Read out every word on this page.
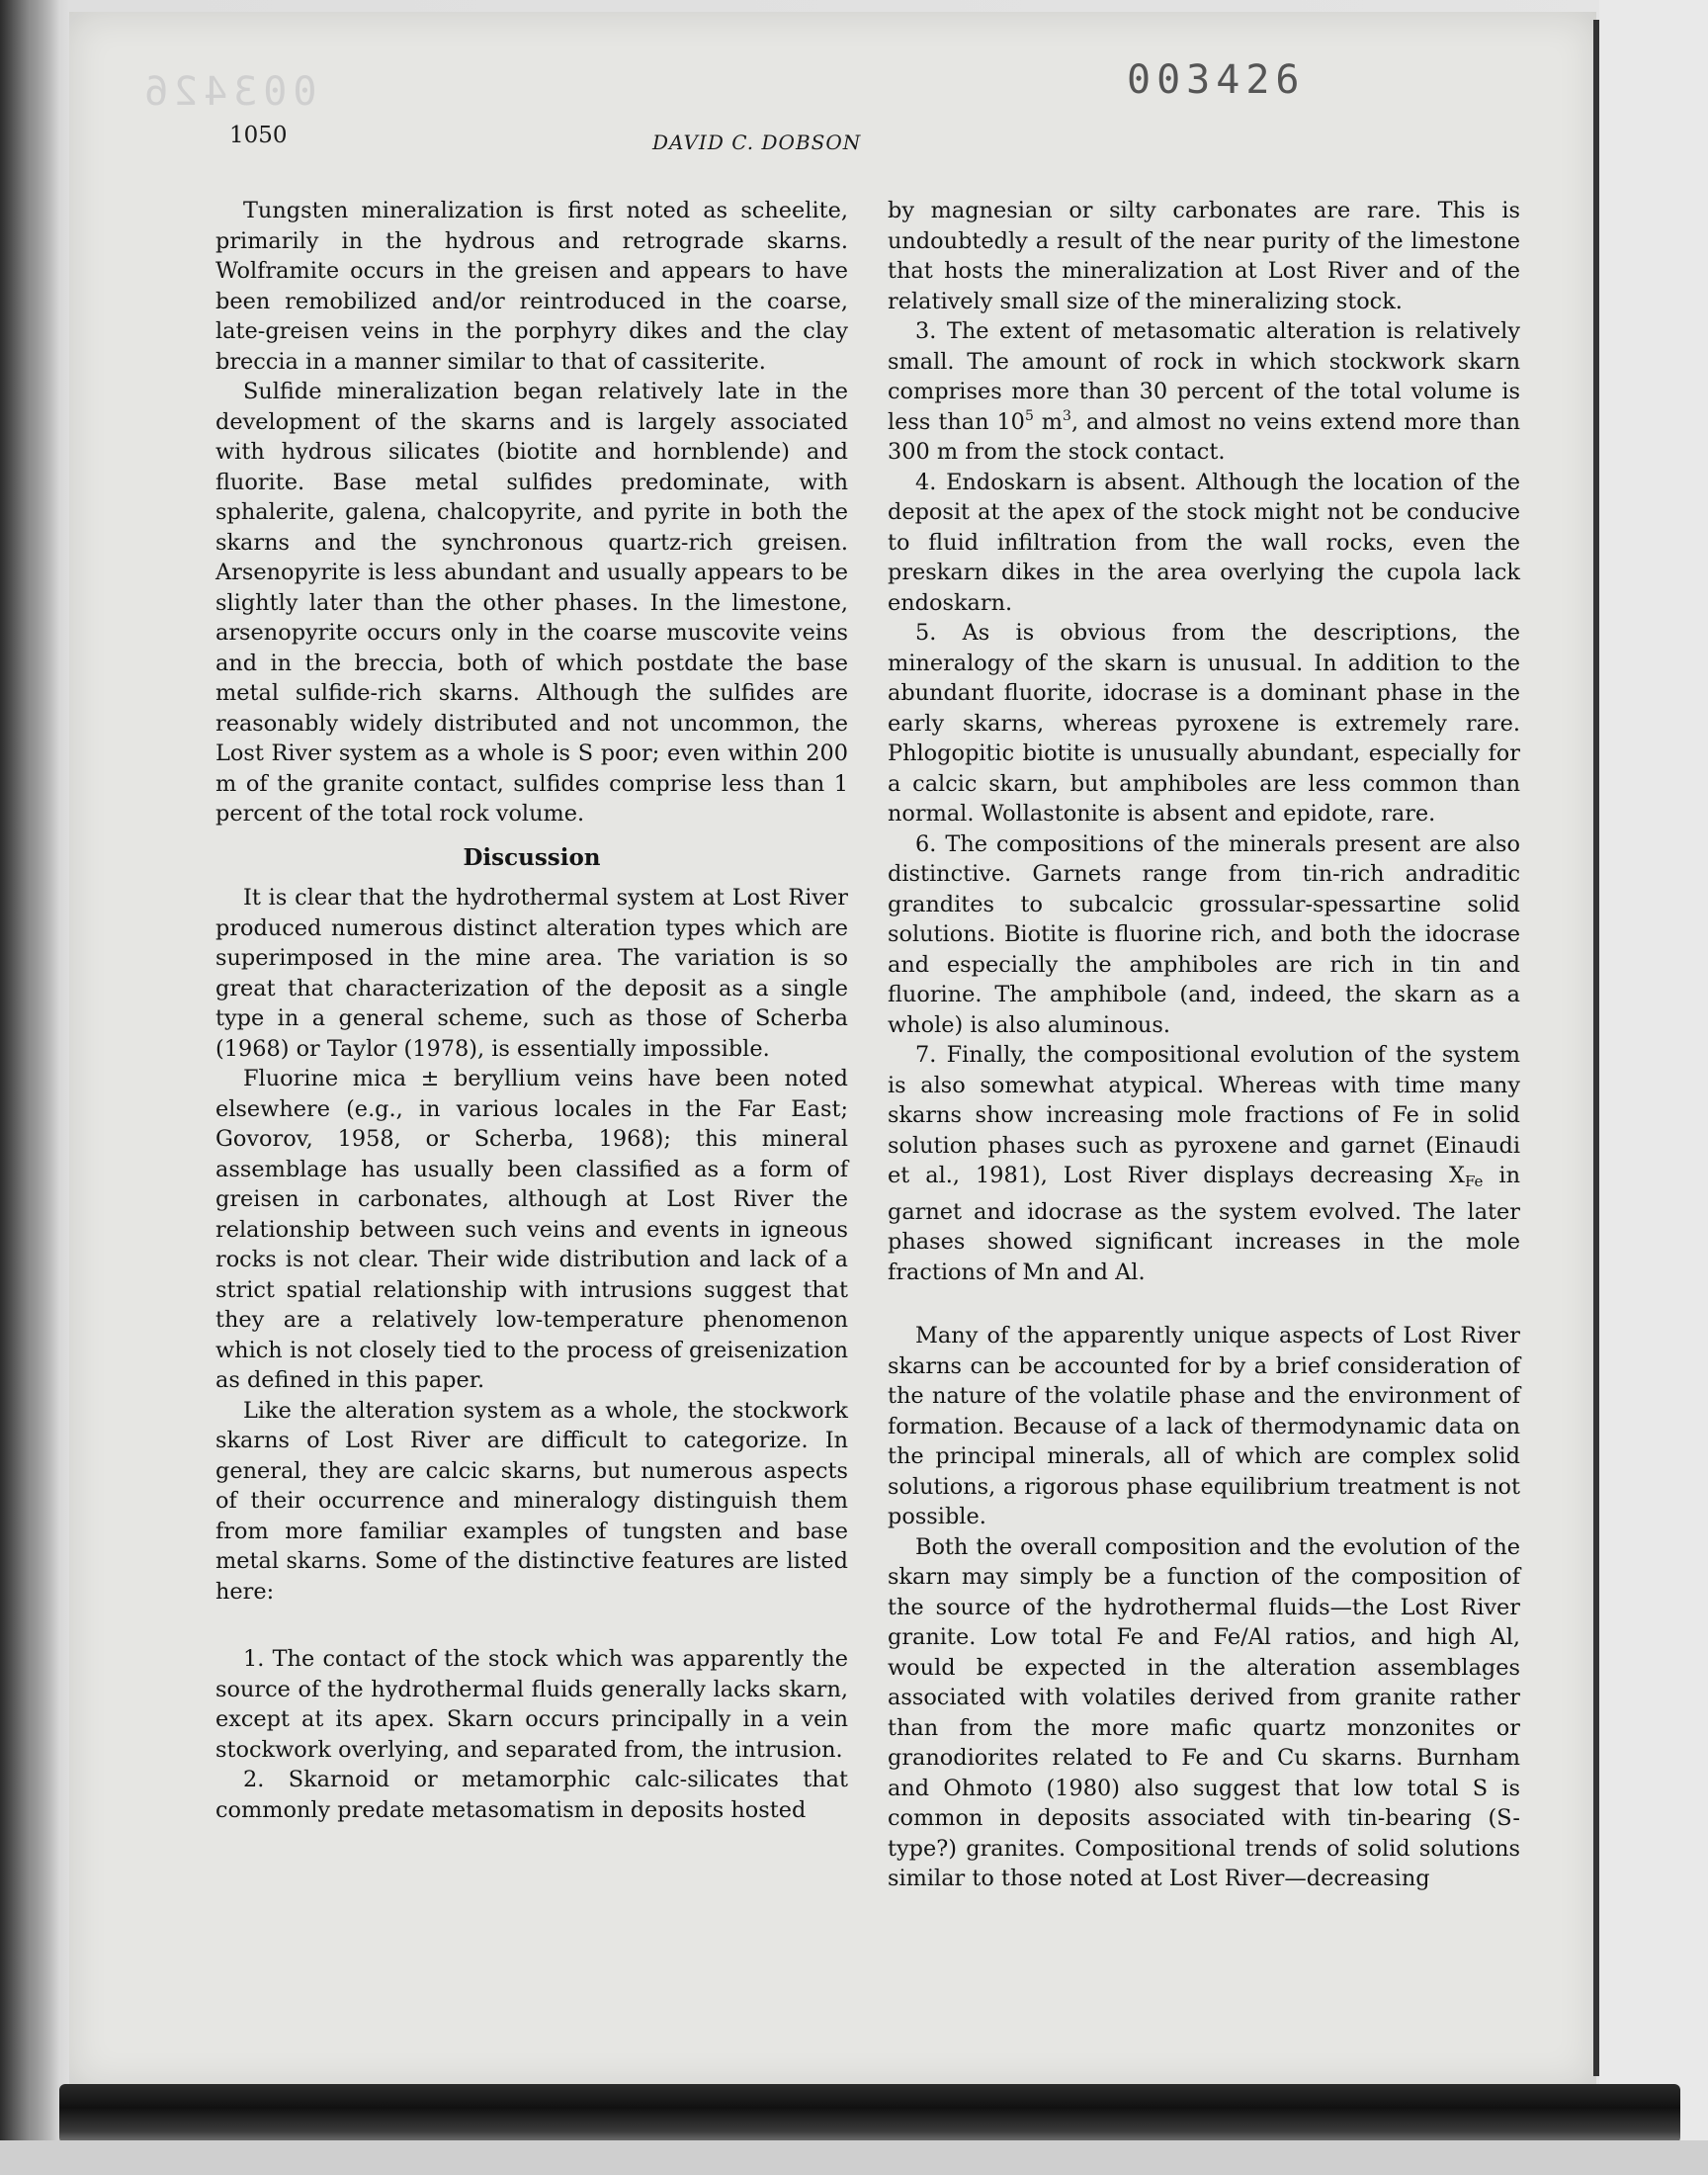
003426
003426
1050	DAVID C. DOBSON

Tungsten mineralization is first noted as scheelite, primarily in the hydrous and retrograde skarns. Wolframite occurs in the greisen and appears to have been remobilized and/or reintroduced in the coarse, late-greisen veins in the porphyry dikes and the clay breccia in a manner similar to that of cassiterite.

Sulfide mineralization began relatively late in the development of the skarns and is largely associated with hydrous silicates (biotite and hornblende) and fluorite. Base metal sulfides predominate, with sphalerite, galena, chalcopyrite, and pyrite in both the skarns and the synchronous quartz-rich greisen. Arsenopyrite is less abundant and usually appears to be slightly later than the other phases. In the limestone, arsenopyrite occurs only in the coarse muscovite veins and in the breccia, both of which postdate the base metal sulfide-rich skarns. Although the sulfides are reasonably widely distributed and not uncommon, the Lost River system as a whole is S poor; even within 200 m of the granite contact, sulfides comprise less than 1 percent of the total rock volume.

Discussion

It is clear that the hydrothermal system at Lost River produced numerous distinct alteration types which are superimposed in the mine area. The variation is so great that characterization of the deposit as a single type in a general scheme, such as those of Scherba (1968) or Taylor (1978), is essentially impossible.

Fluorine mica ± beryllium veins have been noted elsewhere (e.g., in various locales in the Far East; Govorov, 1958, or Scherba, 1968); this mineral assemblage has usually been classified as a form of greisen in carbonates, although at Lost River the relationship between such veins and events in igneous rocks is not clear. Their wide distribution and lack of a strict spatial relationship with intrusions suggest that they are a relatively low-temperature phenomenon which is not closely tied to the process of greisenization as defined in this paper.

Like the alteration system as a whole, the stockwork skarns of Lost River are difficult to categorize. In general, they are calcic skarns, but numerous aspects of their occurrence and mineralogy distinguish them from more familiar examples of tungsten and base metal skarns. Some of the distinctive features are listed here:

1. The contact of the stock which was apparently the source of the hydrothermal fluids generally lacks skarn, except at its apex. Skarn occurs principally in a vein stockwork overlying, and separated from, the intrusion.

2. Skarnoid or metamorphic calc-silicates that commonly predate metasomatism in deposits hosted

by magnesian or silty carbonates are rare. This is undoubtedly a result of the near purity of the limestone that hosts the mineralization at Lost River and of the relatively small size of the mineralizing stock.

3. The extent of metasomatic alteration is relatively small. The amount of rock in which stockwork skarn comprises more than 30 percent of the total volume is less than $10^5$ $m^3$, and almost no veins extend more than 300 m from the stock contact.

4. Endoskarn is absent. Although the location of the deposit at the apex of the stock might not be conducive to fluid infiltration from the wall rocks, even the preskarn dikes in the area overlying the cupola lack endoskarn.

5. As is obvious from the descriptions, the mineralogy of the skarn is unusual. In addition to the abundant fluorite, idocrase is a dominant phase in the early skarns, whereas pyroxene is extremely rare. Phlogopitic biotite is unusually abundant, especially for a calcic skarn, but amphiboles are less common than normal. Wollastonite is absent and epidote, rare.

6. The compositions of the minerals present are also distinctive. Garnets range from tin-rich andraditic grandites to subcalcic grossular-spessartine solid solutions. Biotite is fluorine rich, and both the idocrase and especially the amphiboles are rich in tin and fluorine. The amphibole (and, indeed, the skarn as a whole) is also aluminous.

7. Finally, the compositional evolution of the system is also somewhat atypical. Whereas with time many skarns show increasing mole fractions of Fe in solid solution phases such as pyroxene and garnet (Einaudi et al., 1981), Lost River displays decreasing $X_{Fe}$ in garnet and idocrase as the system evolved. The later phases showed significant increases in the mole fractions of Mn and Al.

Many of the apparently unique aspects of Lost River skarns can be accounted for by a brief consideration of the nature of the volatile phase and the environment of formation. Because of a lack of thermodynamic data on the principal minerals, all of which are complex solid solutions, a rigorous phase equilibrium treatment is not possible.

Both the overall composition and the evolution of the skarn may simply be a function of the composition of the source of the hydrothermal fluids—the Lost River granite. Low total Fe and Fe/Al ratios, and high Al, would be expected in the alteration assemblages associated with volatiles derived from granite rather than from the more mafic quartz monzonites or granodiorites related to Fe and Cu skarns. Burnham and Ohmoto (1980) also suggest that low total S is common in deposits associated with tin-bearing (S-type?) granites. Compositional trends of solid solutions similar to those noted at Lost River—decreasing
